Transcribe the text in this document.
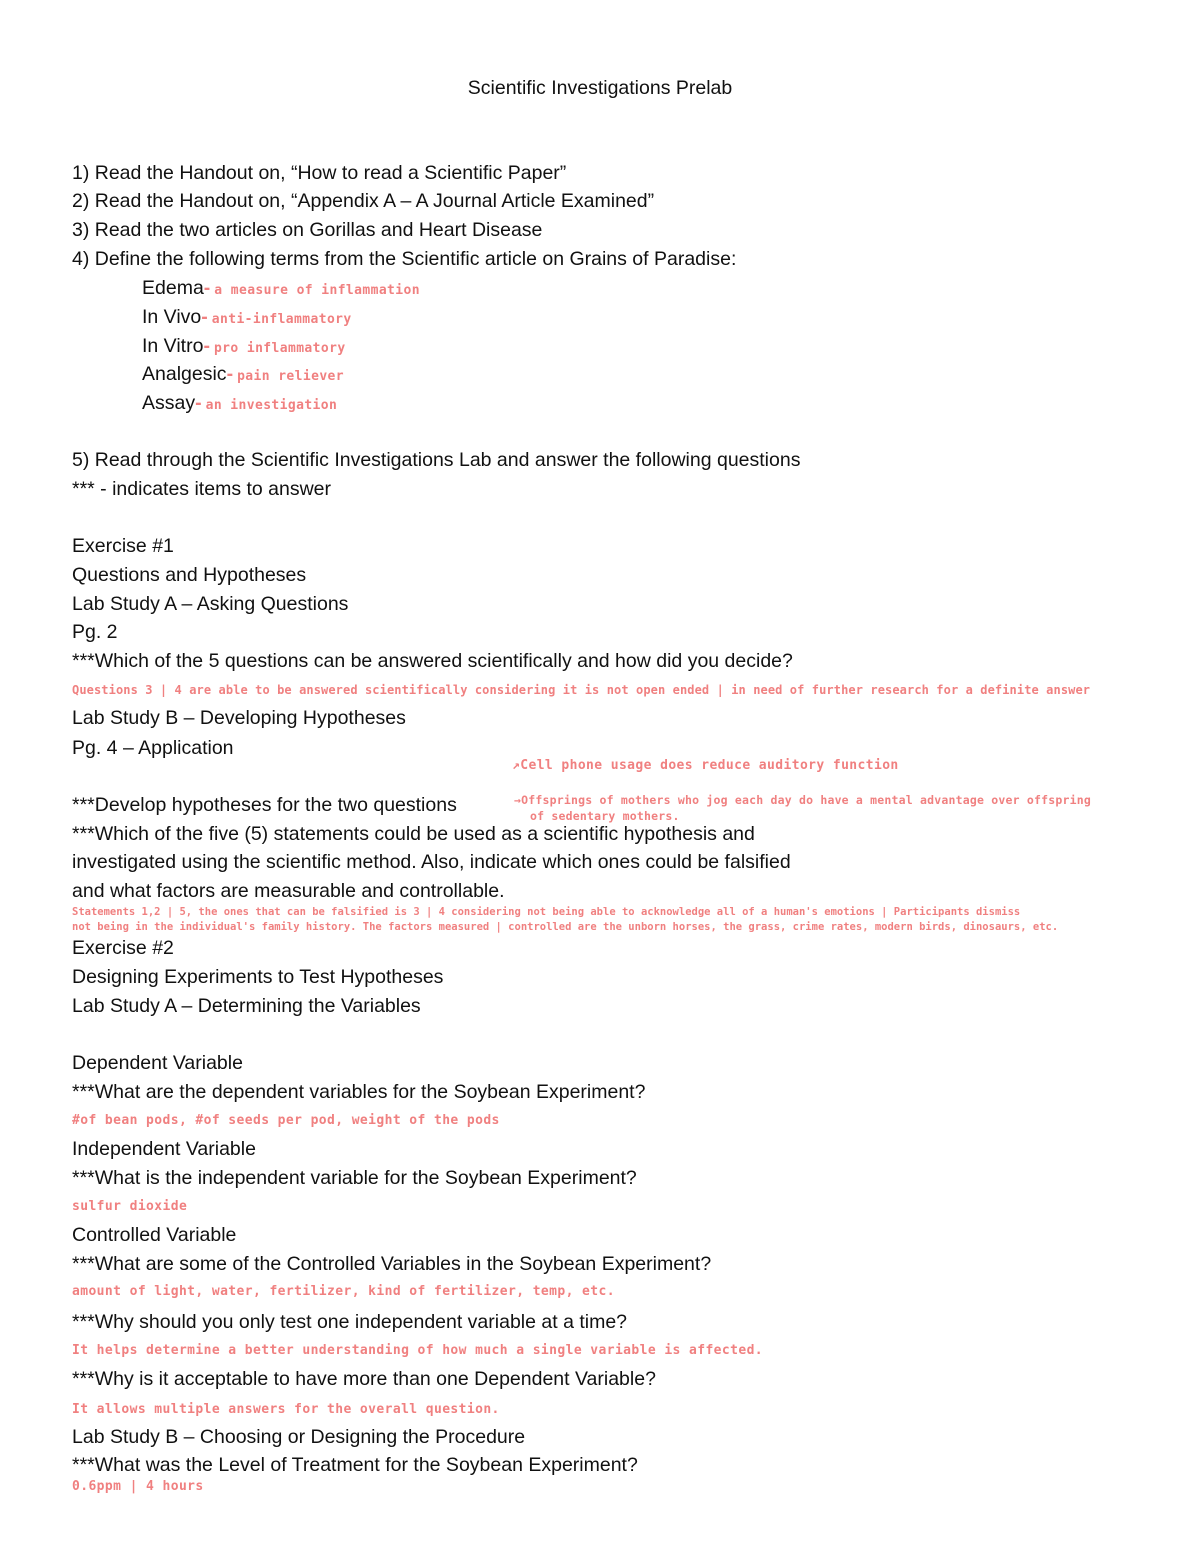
Scientific Investigations Prelab
1) Read the Handout on, “How to read a Scientific Paper”
2) Read the Handout on, “Appendix A – A Journal Article Examined”
3) Read the two articles on Gorillas and Heart Disease
4) Define the following terms from the Scientific article on Grains of Paradise:
Edema- a measure of inflammation
In Vivo- anti-inflammatory
In Vitro- pro inflammatory
Analgesic- pain reliever
Assay- an investigation
5) Read through the Scientific Investigations Lab and answer the following questions
*** - indicates items to answer
Exercise #1
Questions and Hypotheses
Lab Study A – Asking Questions
Pg. 2
***Which of the 5 questions can be answered scientifically and how did you decide?
Questions 3 | 4 are able to be answered scientifically considering it is not open ended | in need of further research for a definite answer
Lab Study B – Developing Hypotheses
Pg. 4 – Application
↗Cell phone usage does reduce auditory function
***Develop hypotheses for the two questions	→Offsprings of mothers who jog each day do have a mental advantage over offspring
of sedentary mothers.
***Which of the five (5) statements could be used as a scientific hypothesis and
investigated using the scientific method. Also, indicate which ones could be falsified
and what factors are measurable and controllable.
Statements 1,2 | 5, the ones that can be falsified is 3 | 4 considering not being able to acknowledge all of a human's emotions | Participants dismiss
not being in the individual's family history. The factors measured | controlled are the unborn horses, the grass, crime rates, modern birds, dinosaurs, etc.
Exercise #2
Designing Experiments to Test Hypotheses
Lab Study A – Determining the Variables
Dependent Variable
***What are the dependent variables for the Soybean Experiment?
#of bean pods, #of seeds per pod, weight of the pods
Independent Variable
***What is the independent variable for the Soybean Experiment?
sulfur dioxide
Controlled Variable
***What are some of the Controlled Variables in the Soybean Experiment?
amount of light, water, fertilizer, kind of fertilizer, temp, etc.
***Why should you only test one independent variable at a time?
It helps determine a better understanding of how much a single variable is affected.
***Why is it acceptable to have more than one Dependent Variable?
It allows multiple answers for the overall question.
Lab Study B – Choosing or Designing the Procedure
***What was the Level of Treatment for the Soybean Experiment?
0.6ppm | 4 hours
